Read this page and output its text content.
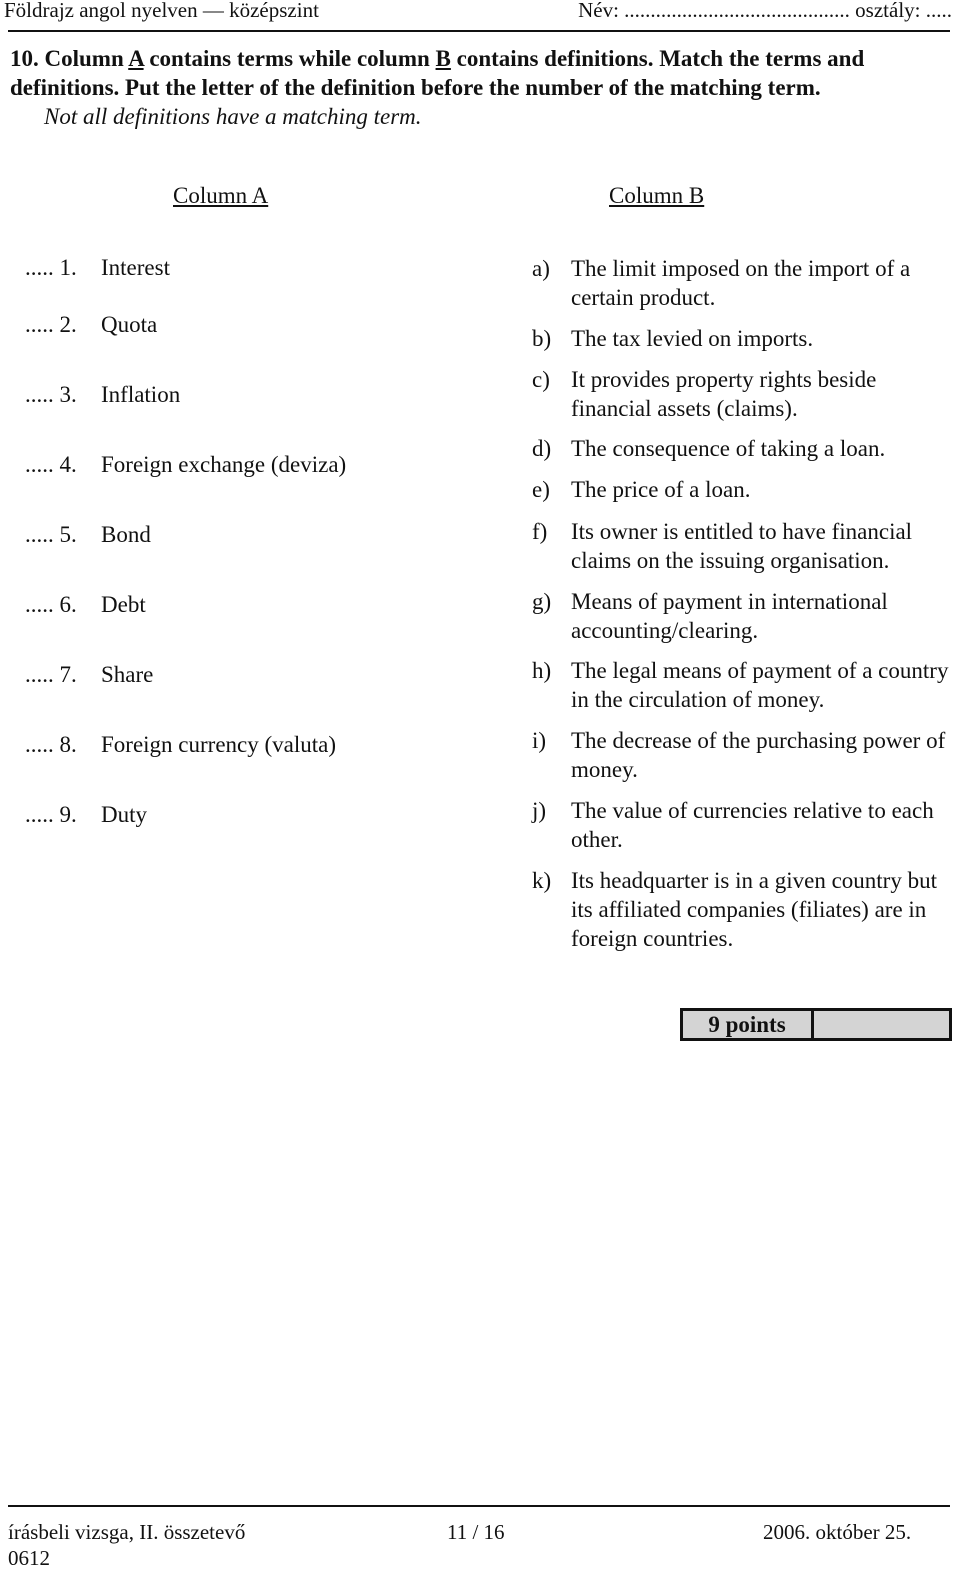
Földrajz angol nyelven — középszint	Név: ........................................... osztály: .....
10. Column A contains terms while column B contains definitions. Match the terms and definitions. Put the letter of the definition before the number of the matching term.
Not all definitions have a matching term.
Column A	Column B
..... 1. Interest
..... 2. Quota
..... 3. Inflation
..... 4. Foreign exchange (deviza)
..... 5. Bond
..... 6. Debt
..... 7. Share
..... 8. Foreign currency (valuta)
..... 9. Duty
a) The limit imposed on the import of a certain product.
b) The tax levied on imports.
c) It provides property rights beside financial assets (claims).
d) The consequence of taking a loan.
e) The price of a loan.
f) Its owner is entitled to have financial claims on the issuing organisation.
g) Means of payment in international accounting/clearing.
h) The legal means of payment of a country in the circulation of money.
i) The decrease of the purchasing power of money.
j) The value of currencies relative to each other.
k) Its headquarter is in a given country but its affiliated companies (filiates) are in foreign countries.
9 points
írásbeli vizsga, II. összetevő	11 / 16	2006. október 25.
0612
